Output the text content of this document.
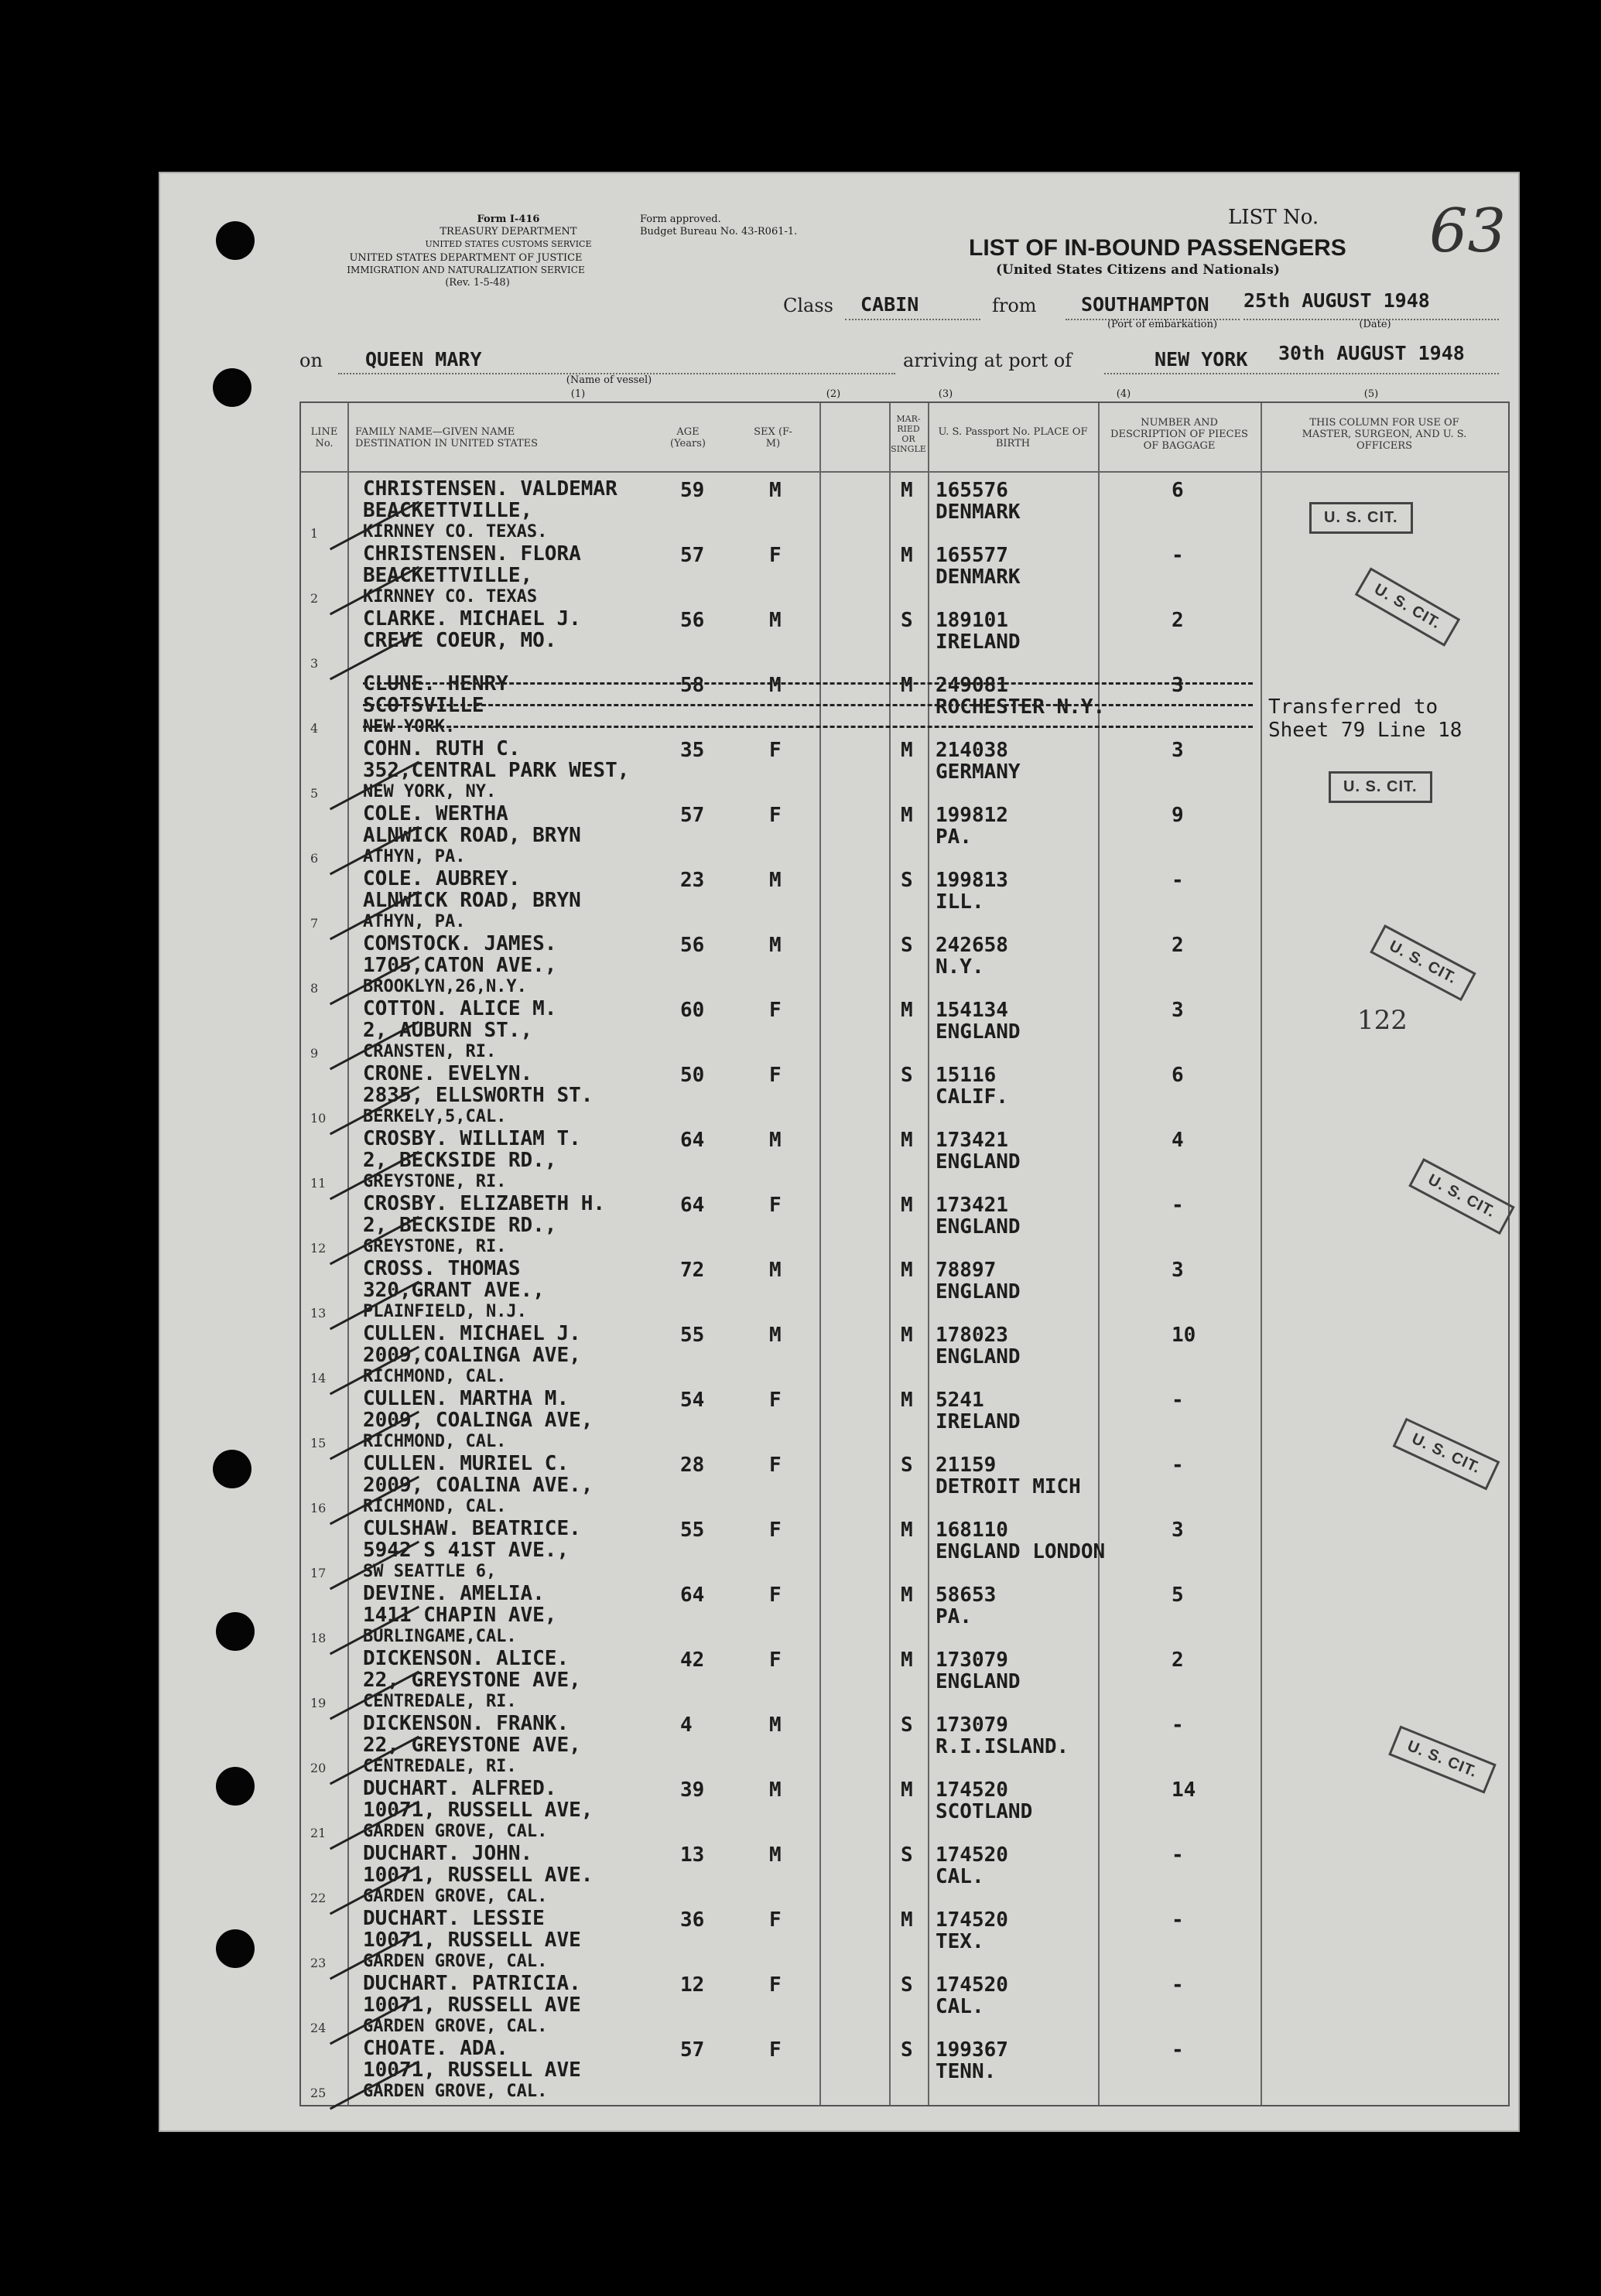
Form I-416
TREASURY DEPARTMENT
UNITED STATES CUSTOMS SERVICE
UNITED STATES DEPARTMENT OF JUSTICE
IMMIGRATION AND NATURALIZATION SERVICE
(Rev. 1-5-48)
Form approved.
Budget Bureau No. 43-R061-1.
LIST No. 63
LIST OF IN-BOUND PASSENGERS
(United States Citizens and Nationals)
Class CABIN	from SOUTHAMPTON
(Port of embarkation)
25th AUGUST 1948
(Date)
on QUEEN MARY
(Name of vessel)
arriving at port of	NEW YORK 30th AUGUST 1948
(1)	(2)	(3)	(4)	(5)
LINE No.
FAMILY NAME—GIVEN NAME DESTINATION IN UNITED STATES
AGE (Years)
SEX (F-M)
MAR-RIED OR SINGLE
U. S. Passport No. PLACE OF BIRTH
NUMBER AND DESCRIPTION OF PIECES OF BAGGAGE
THIS COLUMN FOR USE OF MASTER, SURGEON, AND U. S. OFFICERS
1
CHRISTENSEN. VALDEMAR
BEACKETTVILLE,
KIRNNEY CO. TEXAS.
59	M	M 165576
DENMARK
6
2
CHRISTENSEN. FLORA
BEACKETTVILLE,
KIRNNEY CO. TEXAS
57	F	M 165577
DENMARK
-
3
CLARKE. MICHAEL J.
CREVE COEUR, MO.
56	M	S 189101
IRELAND
2
4
CLUNE. HENRY
SCOTSVILLE
NEW YORK.
58	M	M 249081
ROCHESTER N.Y.
3
5
COHN. RUTH C.
352,CENTRAL PARK WEST,
NEW YORK, NY.
35	F	M 214038
GERMANY
3
6
COLE. WERTHA
ALNWICK ROAD, BRYN
ATHYN, PA.
57	F	M 199812
PA.
9
7
COLE. AUBREY.
ALNWICK ROAD, BRYN
ATHYN, PA.
23	M	S 199813
ILL.
-
8
COMSTOCK. JAMES.
1705,CATON AVE.,
BROOKLYN,26,N.Y.
56	M	S 242658
N.Y.
2
9
COTTON. ALICE M.
2, AUBURN ST.,
CRANSTEN, RI.
60	F	M 154134
ENGLAND
3
10
CRONE. EVELYN.
2835, ELLSWORTH ST.
BERKELY,5,CAL.
50	F	S 15116
CALIF.
6
11
CROSBY. WILLIAM T.
2, BECKSIDE RD.,
GREYSTONE, RI.
64	M	M 173421
ENGLAND
4
12
CROSBY. ELIZABETH H.
2, BECKSIDE RD.,
GREYSTONE, RI.
64	F	M 173421
ENGLAND
-
13
CROSS. THOMAS
320,GRANT AVE.,
PLAINFIELD, N.J.
72	M	M 78897
ENGLAND
3
14
CULLEN. MICHAEL J.
2009,COALINGA AVE,
RICHMOND, CAL.
55	M	M 178023
ENGLAND
10
15
CULLEN. MARTHA M.
2009, COALINGA AVE,
RICHMOND, CAL.
54	F	M 5241
IRELAND
-
16
CULLEN. MURIEL C.
2009, COALINA AVE.,
RICHMOND, CAL.
28	F	S 21159
DETROIT MICH
-
17
CULSHAW. BEATRICE.
5942 S 41ST AVE.,
SW SEATTLE 6,
55	F	M 168110
ENGLAND LONDON
3
18
DEVINE. AMELIA.
1411 CHAPIN AVE,
BURLINGAME,CAL.
64	F	M 58653
PA.
5
19
DICKENSON. ALICE.
22, GREYSTONE AVE,
CENTREDALE, RI.
42	F	M 173079
ENGLAND
2
20
DICKENSON. FRANK.
22, GREYSTONE AVE,
CENTREDALE, RI.
4	M	S 173079
R.I.ISLAND.
-
21
DUCHART. ALFRED.
10071, RUSSELL AVE,
GARDEN GROVE, CAL.
39	M	M 174520
SCOTLAND
14
22
DUCHART. JOHN.
10071, RUSSELL AVE.
GARDEN GROVE, CAL.
13	M	S 174520
CAL.
-
23
DUCHART. LESSIE
10071, RUSSELL AVE
GARDEN GROVE, CAL.
36	F	M 174520
TEX.
-
24
DUCHART. PATRICIA.
10071, RUSSELL AVE
GARDEN GROVE, CAL.
12	F	S 174520
CAL.
-
25
CHOATE. ADA.
10071, RUSSELL AVE
GARDEN GROVE, CAL.
57	F	S 199367
TENN.
-
Transferred to
Sheet 79 Line 18
122
U. S. CIT.
U. S. CIT.
U. S. CIT.
U. S. CIT.
U. S. CIT.
U. S. CIT.
U. S. CIT.
